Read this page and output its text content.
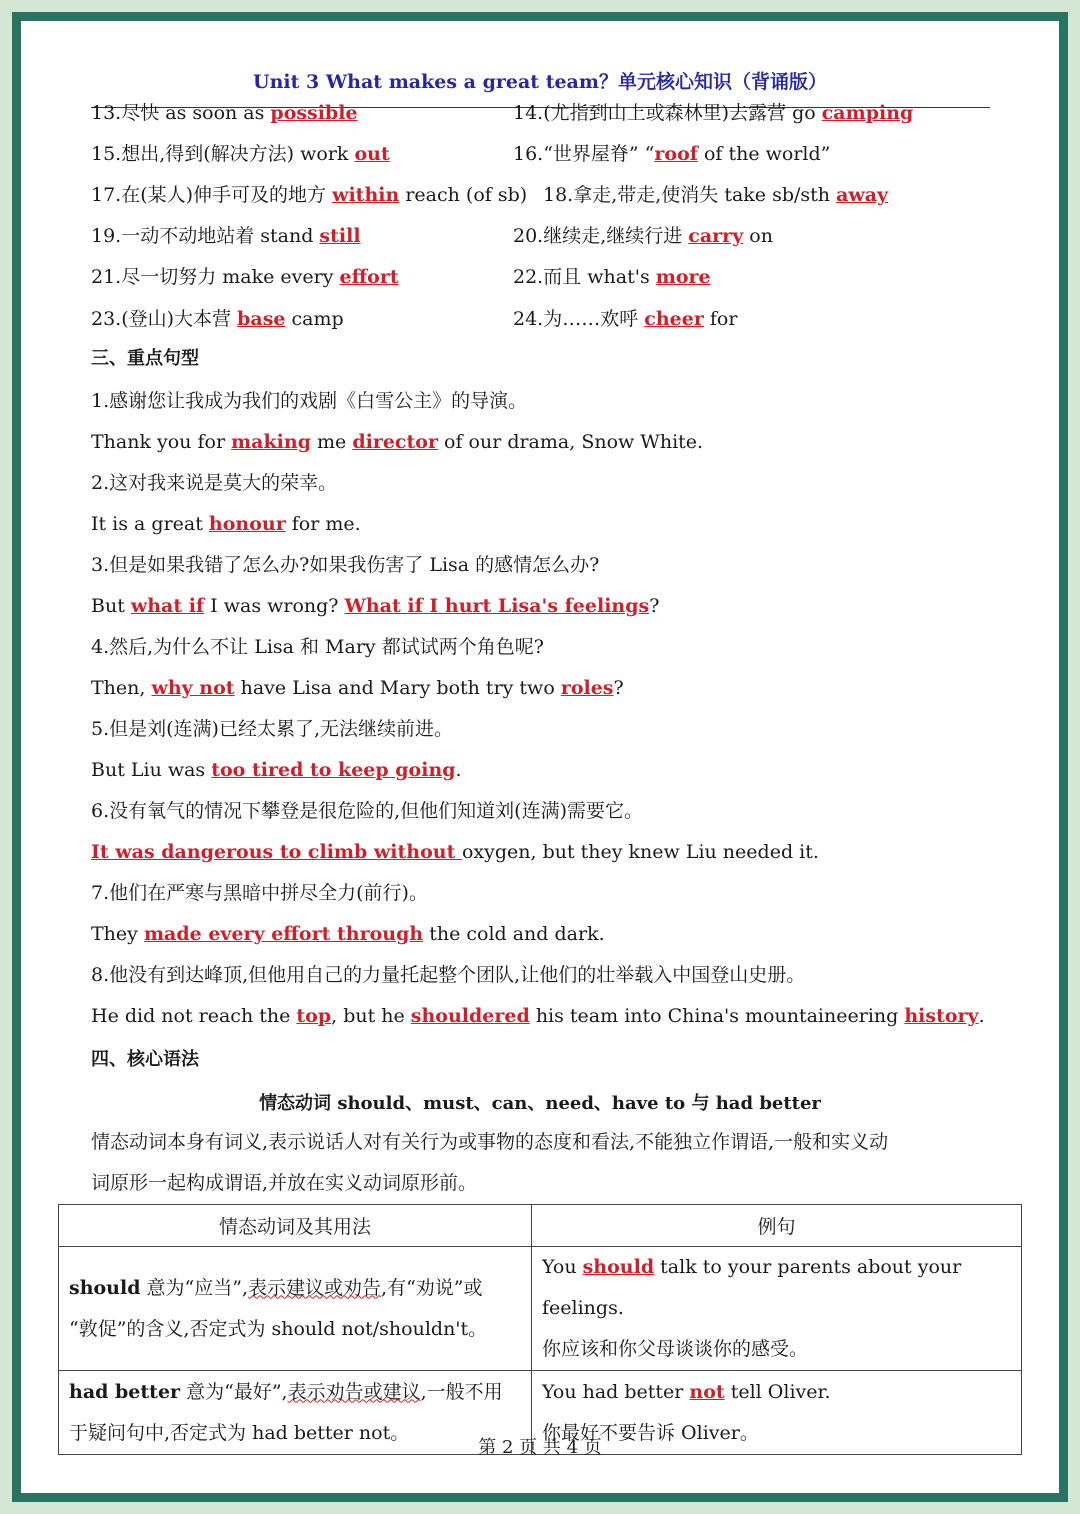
Unit 3 What makes a great team？单元核心知识（背诵版）
13.尽快 as soon as possible	14.(尤指到山上或森林里)去露营 go camping
15.想出,得到(解决方法) work out	16.“世界屋脊” “roof of the world”
17.在(某人)伸手可及的地方 within reach (of sb) 18.拿走,带走,使消失 take sb/sth away
19.一动不动地站着 stand still	20.继续走,继续行进 carry on
21.尽一切努力 make every effort	22.而且 what's more
23.(登山)大本营 base camp	24.为……欢呼 cheer for
三、重点句型
1.感谢您让我成为我们的戏剧《白雪公主》的导演。
Thank you for making me director of our drama, Snow White.
2.这对我来说是莫大的荣幸。
It is a great honour for me.
3.但是如果我错了怎么办?如果我伤害了 Lisa 的感情怎么办?
But what if I was wrong? What if I hurt Lisa's feelings?
4.然后,为什么不让 Lisa 和 Mary 都试试两个角色呢?
Then, why not have Lisa and Mary both try two roles?
5.但是刘(连满)已经太累了,无法继续前进。
But Liu was too tired to keep going.
6.没有氧气的情况下攀登是很危险的,但他们知道刘(连满)需要它。
It was dangerous to climb without oxygen, but they knew Liu needed it.
7.他们在严寒与黑暗中拼尽全力(前行)。
They made every effort through the cold and dark.
8.他没有到达峰顶,但他用自己的力量托起整个团队,让他们的壮举载入中国登山史册。
He did not reach the top, but he shouldered his team into China's mountaineering history.
四、核心语法
情态动词 should、must、can、need、have to 与 had better
情态动词本身有词义,表示说话人对有关行为或事物的态度和看法,不能独立作谓语,一般和实义动
词原形一起构成谓语,并放在实义动词原形前。
情态动词及其用法	例句
should 意为“应当”,表示建议或劝告,有“劝说”或
“敦促”的含义,否定式为 should not/shouldn't。	You should talk to your parents about your feelings.
你应该和你父母谈谈你的感受。
had better 意为“最好”,表示劝告或建议,一般不用
于疑问句中,否定式为 had better not。	You had better not tell Oliver.
你最好不要告诉 Oliver。
第 2 页 共 4 页
